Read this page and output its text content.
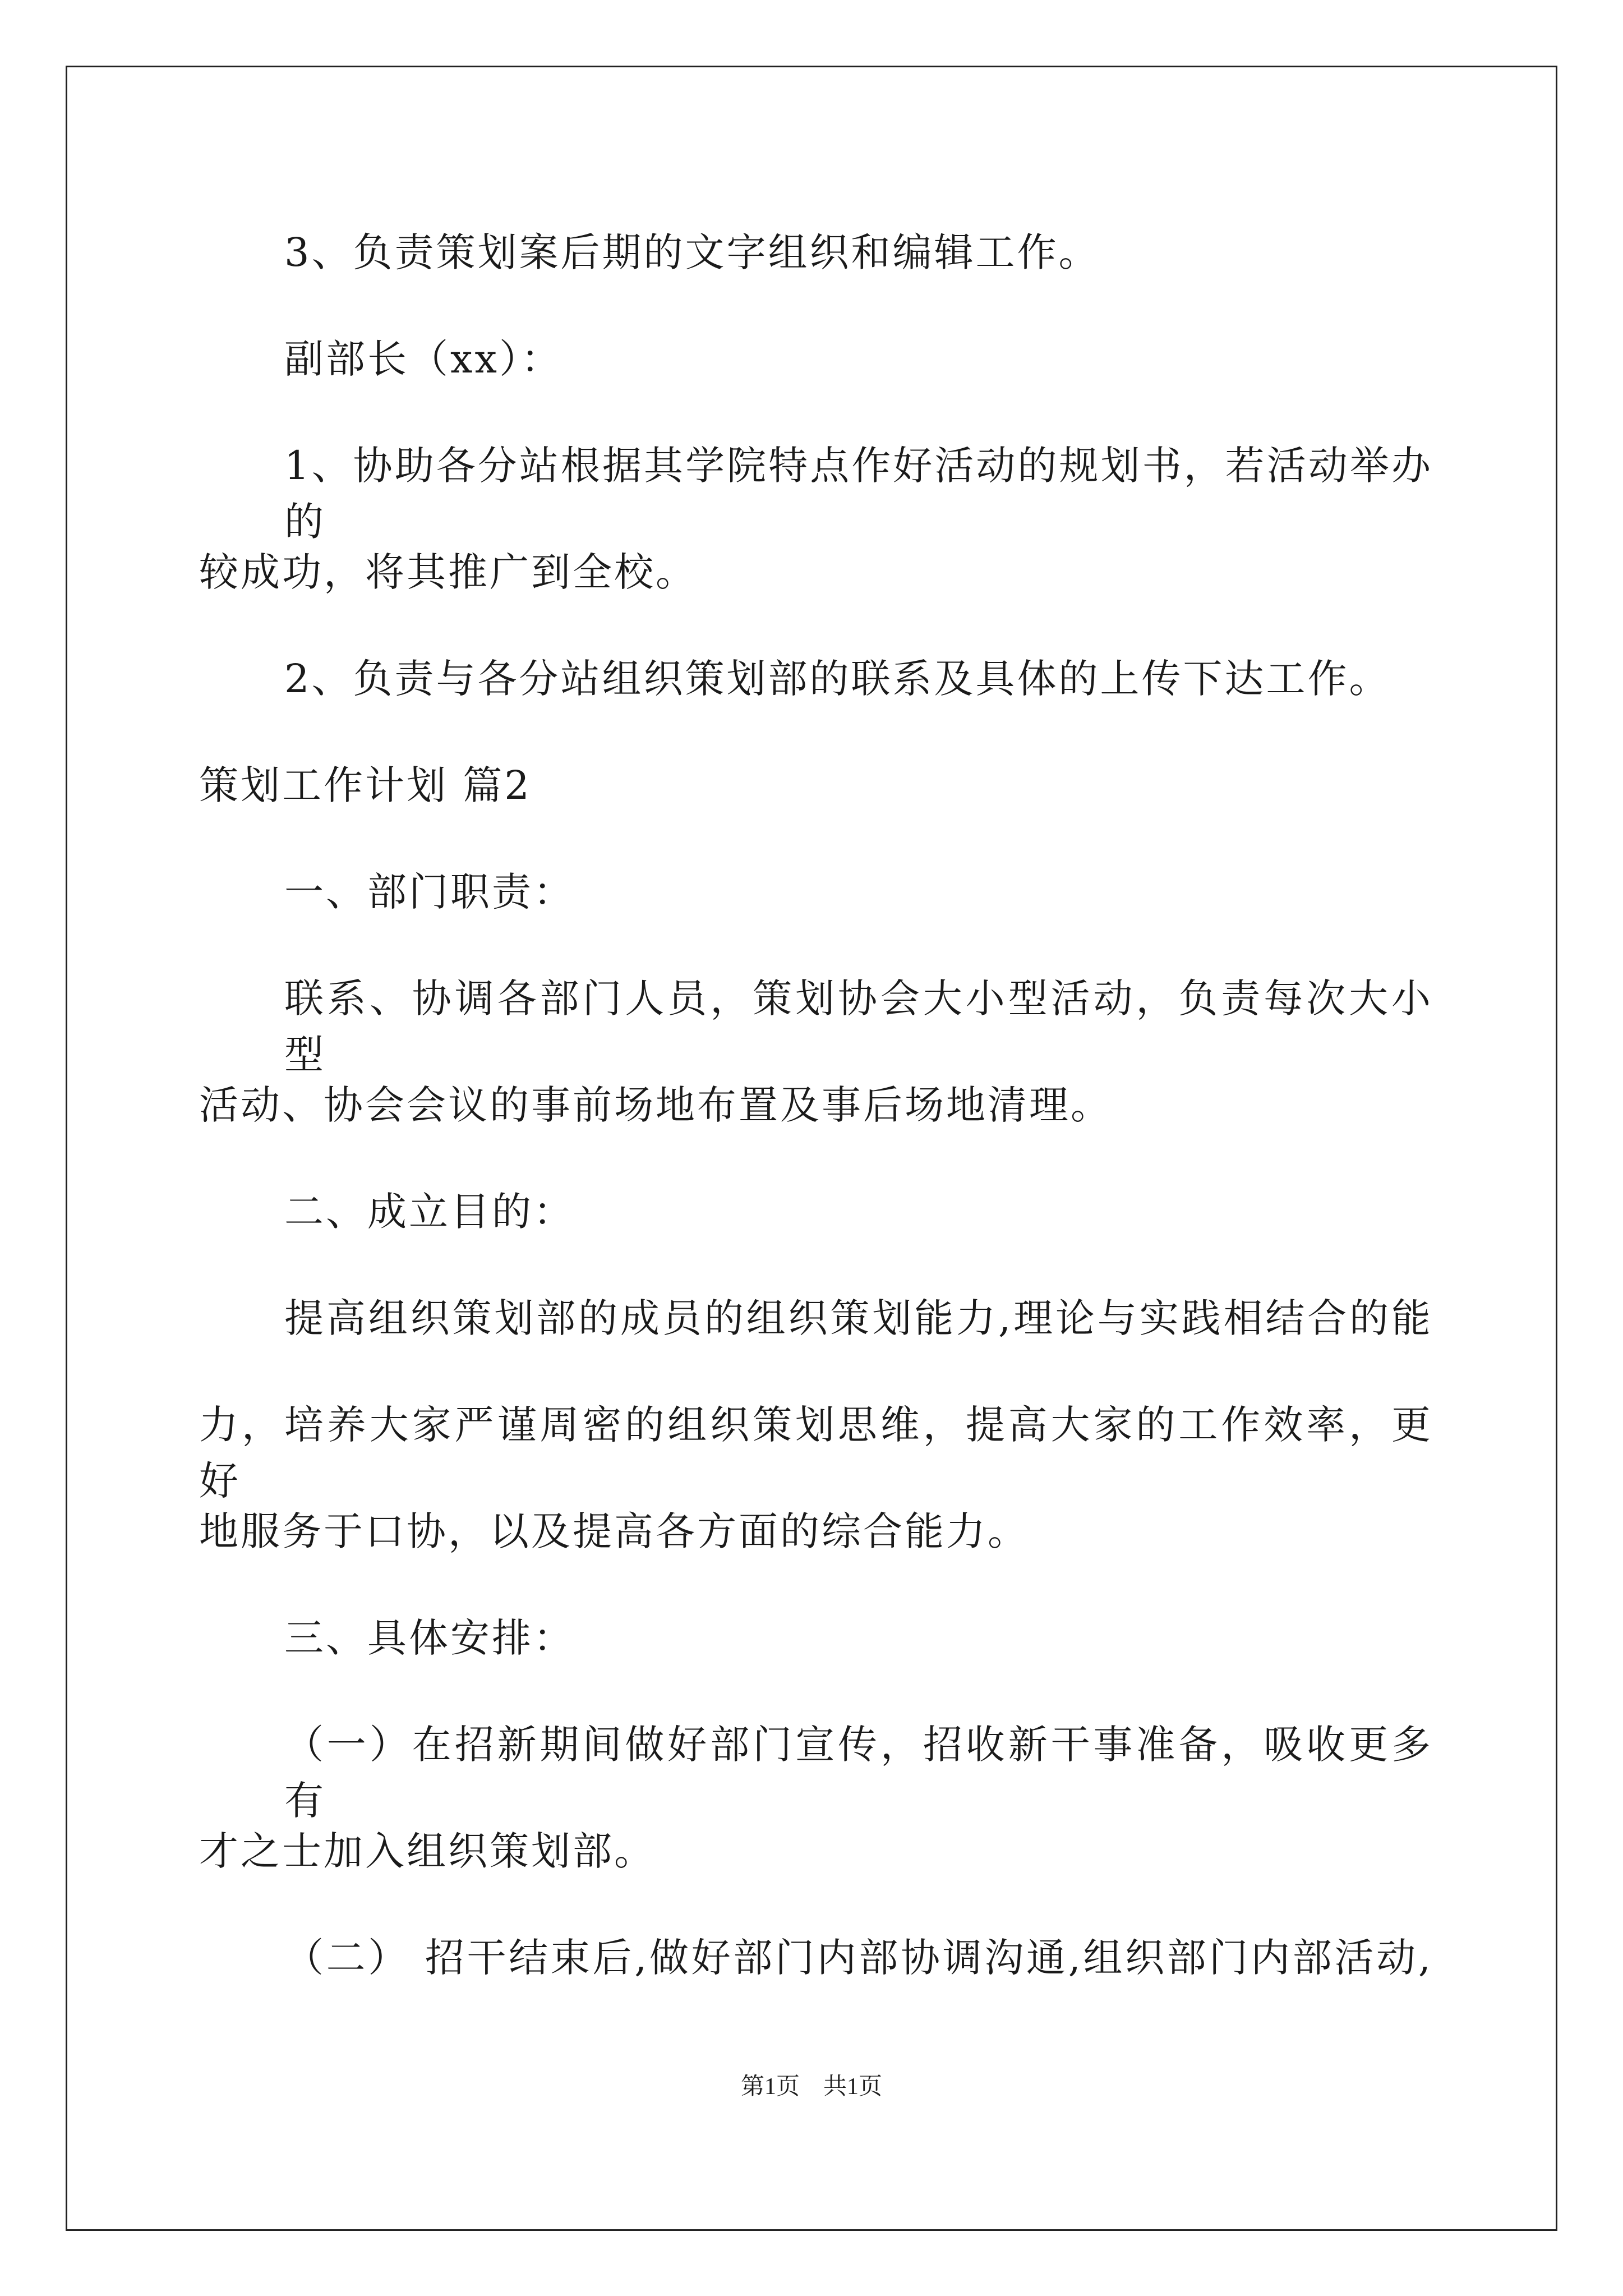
3、负责策划案后期的文字组织和编辑工作。
副部长（xx）：
1、协助各分站根据其学院特点作好活动的规划书，若活动举办的
较成功，将其推广到全校。
2、负责与各分站组织策划部的联系及具体的上传下达工作。
策划工作计划 篇2
一、部门职责：
联系、协调各部门人员，策划协会大小型活动，负责每次大小型
活动、协会会议的事前场地布置及事后场地清理。
二、成立目的：
提高组织策划部的成员的组织策划能力,理论与实践相结合的能
力，培养大家严谨周密的组织策划思维，提高大家的工作效率，更好
地服务于口协，以及提高各方面的综合能力。
三、具体安排：
（一）在招新期间做好部门宣传，招收新干事准备，吸收更多有
才之士加入组织策划部。
（二） 招干结束后,做好部门内部协调沟通,组织部门内部活动,
第1页　共1页
